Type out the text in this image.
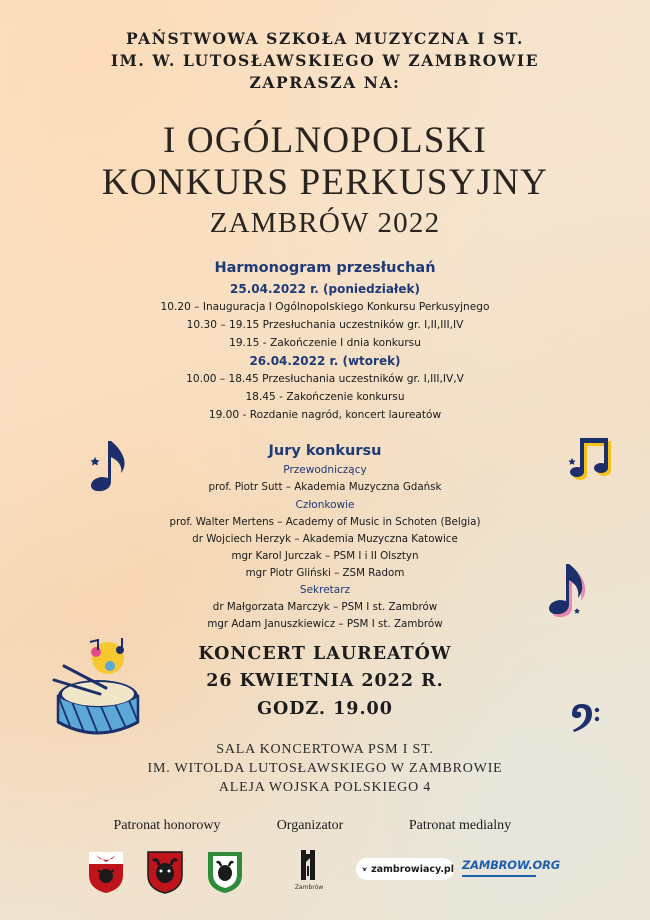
PAŃSTWOWA SZKOŁA MUZYCZNA I ST.
IM. W. LUTOSŁAWSKIEGO W ZAMBROWIE
ZAPRASZA NA:
I OGÓLNOPOLSKI
KONKURS PERKUSYJNY
ZAMBRÓW 2022
Harmonogram przesłuchań
25.04.2022 r. (poniedziałek)
10.20 – Inauguracja I Ogólnopolskiego Konkursu Perkusyjnego
10.30 – 19.15 Przesłuchania uczestników gr. I,II,III,IV
19.15 - Zakończenie I dnia konkursu
26.04.2022 r. (wtorek)
10.00 – 18.45 Przesłuchania uczestników gr. I,III,IV,V
18.45 - Zakończenie konkursu
19.00 - Rozdanie nagród, koncert laureatów
Jury konkursu
Przewodniczący
prof. Piotr Sutt – Akademia Muzyczna Gdańsk
Członkowie
prof. Walter Mertens – Academy of Music in Schoten (Belgia)
dr Wojciech Herzyk – Akademia Muzyczna Katowice
mgr Karol Jurczak – PSM I i II Olsztyn
mgr Piotr Gliński – ZSM Radom
Sekretarz
dr Małgorzata Marczyk – PSM I st. Zambrów
mgr Adam Januszkiewicz – PSM I st. Zambrów
KONCERT LAUREATÓW
26 KWIETNIA 2022 R.
GODZ. 19.00
SALA KONCERTOWA PSM I ST.
IM. WITOLDA LUTOSŁAWSKIEGO W ZAMBROWIE
ALEJA WOJSKA POLSKIEGO 4
Patronat honorowy	Organizator	Patronat medialny
Zambrów
zambrowiacy.pl ZAMBROW.ORG
